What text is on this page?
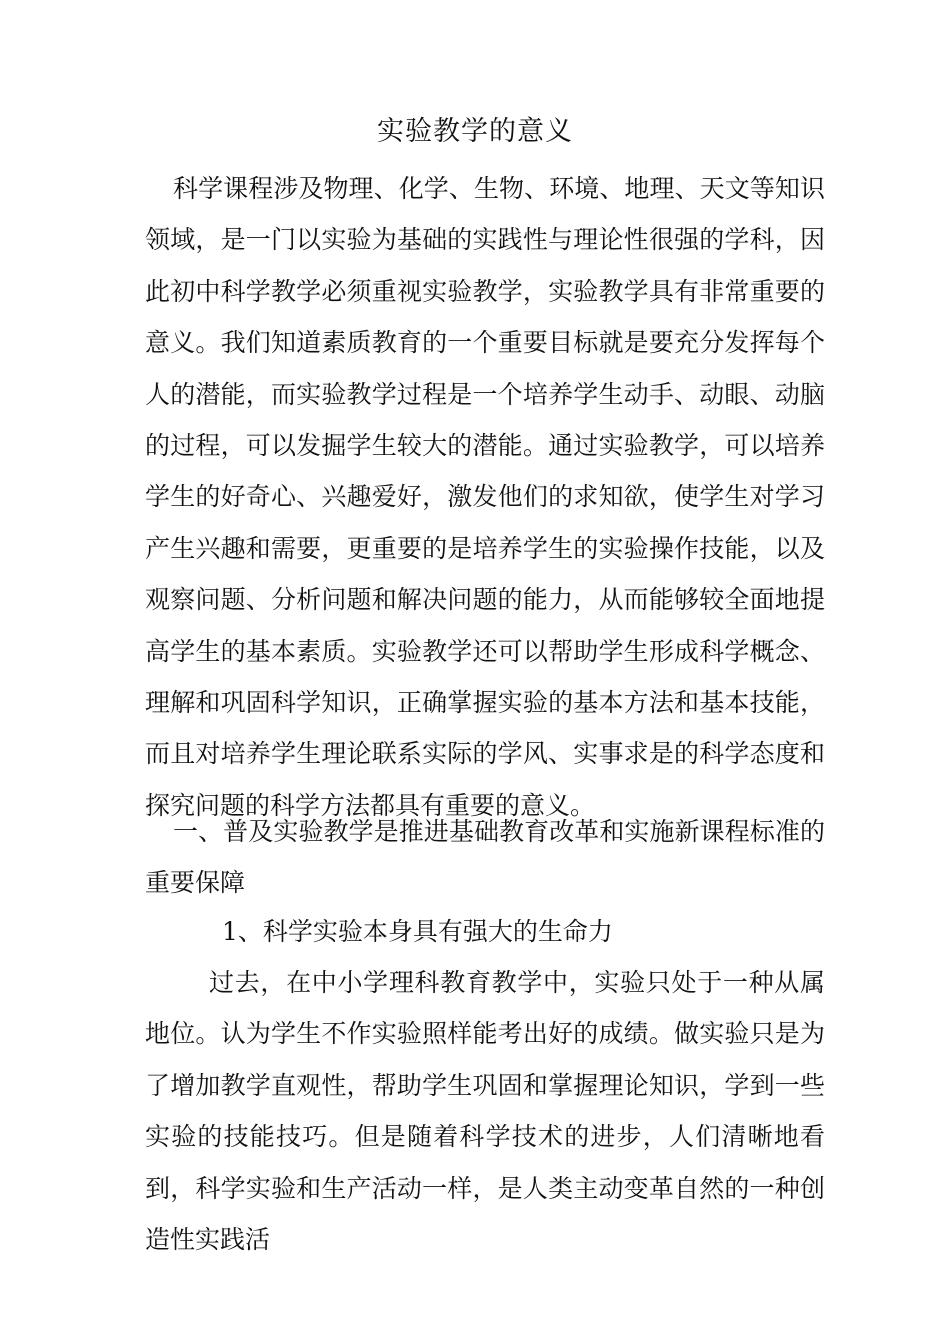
实验教学的意义
科学课程涉及物理、化学、生物、环境、地理、天文等知识领域，是一门以实验为基础的实践性与理论性很强的学科，因此初中科学教学必须重视实验教学，实验教学具有非常重要的意义。我们知道素质教育的一个重要目标就是要充分发挥每个人的潜能，而实验教学过程是一个培养学生动手、动眼、动脑的过程，可以发掘学生较大的潜能。通过实验教学，可以培养学生的好奇心、兴趣爱好，激发他们的求知欲，使学生对学习产生兴趣和需要，更重要的是培养学生的实验操作技能，以及观察问题、分析问题和解决问题的能力，从而能够较全面地提高学生的基本素质。实验教学还可以帮助学生形成科学概念、理解和巩固科学知识，正确掌握实验的基本方法和基本技能，而且对培养学生理论联系实际的学风、实事求是的科学态度和探究问题的科学方法都具有重要的意义。
一、普及实验教学是推进基础教育改革和实施新课程标准的重要保障
1、科学实验本身具有强大的生命力
过去，在中小学理科教育教学中，实验只处于一种从属地位。认为学生不作实验照样能考出好的成绩。做实验只是为了增加教学直观性，帮助学生巩固和掌握理论知识，学到一些实验的技能技巧。但是随着科学技术的进步，人们清晰地看到，科学实验和生产活动一样，是人类主动变革自然的一种创造性实践活
